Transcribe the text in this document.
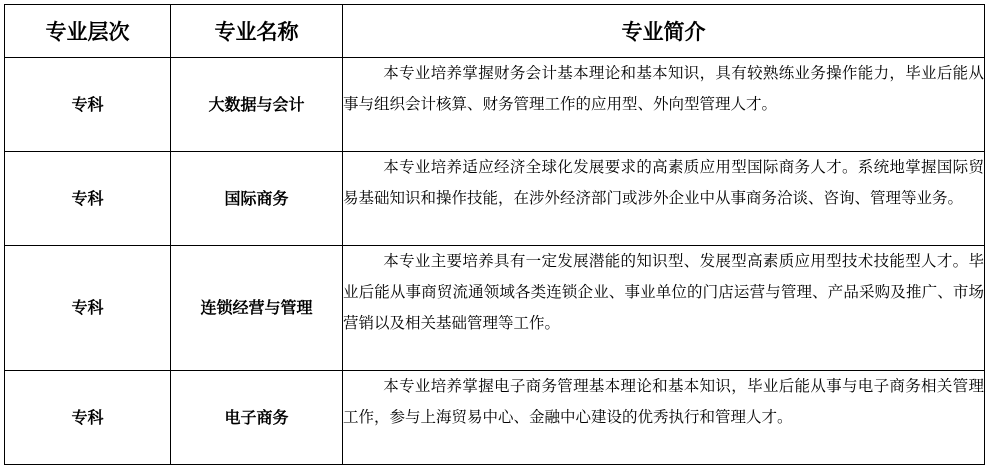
专业层次	专业名称	专业简介
专科	大数据与会计	本专业培养掌握财务会计基本理论和基本知识，具有较熟练业务操作能力，毕业后能从事与组织会计核算、财务管理工作的应用型、外向型管理人才。

专科	国际商务	本专业培养适应经济全球化发展要求的高素质应用型国际商务人才。系统地掌握国际贸易基础知识和操作技能，在涉外经济部门或涉外企业中从事商务洽谈、咨询、管理等业务。

专科	连锁经营与管理	本专业主要培养具有一定发展潜能的知识型、发展型高素质应用型技术技能型人才。毕业后能从事商贸流通领域各类连锁企业、事业单位的门店运营与管理、产品采购及推广、市场营销以及相关基础管理等工作。

专科	电子商务	本专业培养掌握电子商务管理基本理论和基本知识，毕业后能从事与电子商务相关管理工作，参与上海贸易中心、金融中心建设的优秀执行和管理人才。
